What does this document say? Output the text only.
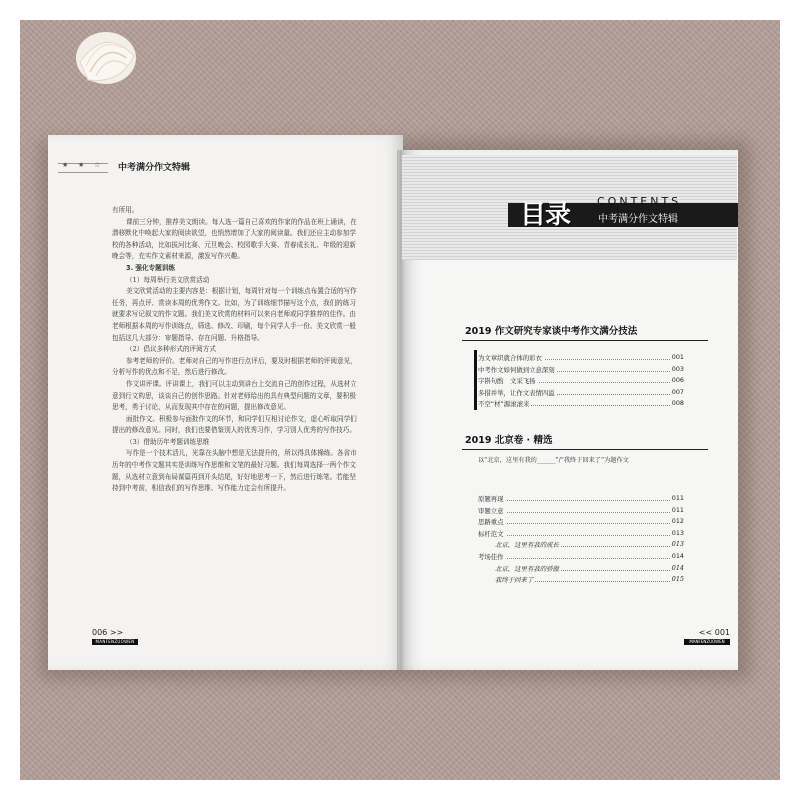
★ ★ ☆ 中考满分作文特辑

有所用。

课前三分钟，推荐美文朗读。每人选一篇自己喜欢的作家的作品在班上诵读，在潜移默化中唤起大家的阅读欲望，也悄然增加了大家的阅读量。我们还应主动参加学校的各种活动，比如拔河比赛、元旦晚会、校园歌手大赛、青春成长礼、年级的迎新晚会等，充实作文素材来源，激发写作兴趣。

3. 强化专题训练

（1）每周举行美文欣赏活动

美文欣赏活动的主要内容是：根据计划，每周针对每一个训练点布置合适的写作任务，再点评、赏读本周的优秀作文。比如，为了训练细节描写这个点，我们的练习就要求写记叙文的作文题。我们美文欣赏的材料可以来自老师或同学推荐的佳作。由老师根据本周的写作训练点，筛选、修改、印刷，每个同学人手一份。美文欣赏一般包括这几大部分：审题指导、存在问题、升格指导。

（2）倡议多种形式的评阅方式

参考老师的评价。老师对自己的写作进行点评后，要及时根据老师的评阅意见，分析写作的优点和不足，然后进行修改。

作文讲评课。评讲课上，我们可以主动到讲台上交流自己的创作过程，从选材立意到行文构思，谈谈自己的创作思路。针对老师给出的具有典型问题的文章，要积极思考，勇于讨论，从而发现其中存在的问题，提出修改意见。

面批作文。积极参与面批作文的环节，和同学们互相讨论作文，虚心听取同学们提出的修改意见。同时，我们也要借鉴别人的优秀习作，学习别人优秀的写作技巧。

（3）借助历年考题训练思维

写作是一个技术活儿，光靠在头脑中想是无法提升的，所以得具体操练。各省市历年的中考作文题其实是训练写作思维和文笔的最好习题。我们每周选择一两个作文题，从选材立意到布局谋篇再到开头结尾，好好地思考一下，然后进行练笔。若能坚持到中考前，相信我们的写作思维、写作能力定会有所提升。

006 >>
MANFENZUOWEN
目录 CONTENTS
中考满分作文特辑
2019 作文研究专家谈中考作文满分技法
为文章织就合体的彩衣	001
中考作文如何做到立意深刻	003
字斟句酌　文采飞扬	006
多措并举，让作文表情四溢	007
不空“材”源滚滚来	008
2019 北京卷 · 精选
以“北京，这里有我的______”/“我终于回来了”为题作文
原题再现	011
审题立意	011
思路重点	012
标杆范文	013
北京，这里有我的成长	013
考场佳作	014
北京，这里有我的骄傲	014
我终于回来了	015
<< 001
MANFENZUOWEN
